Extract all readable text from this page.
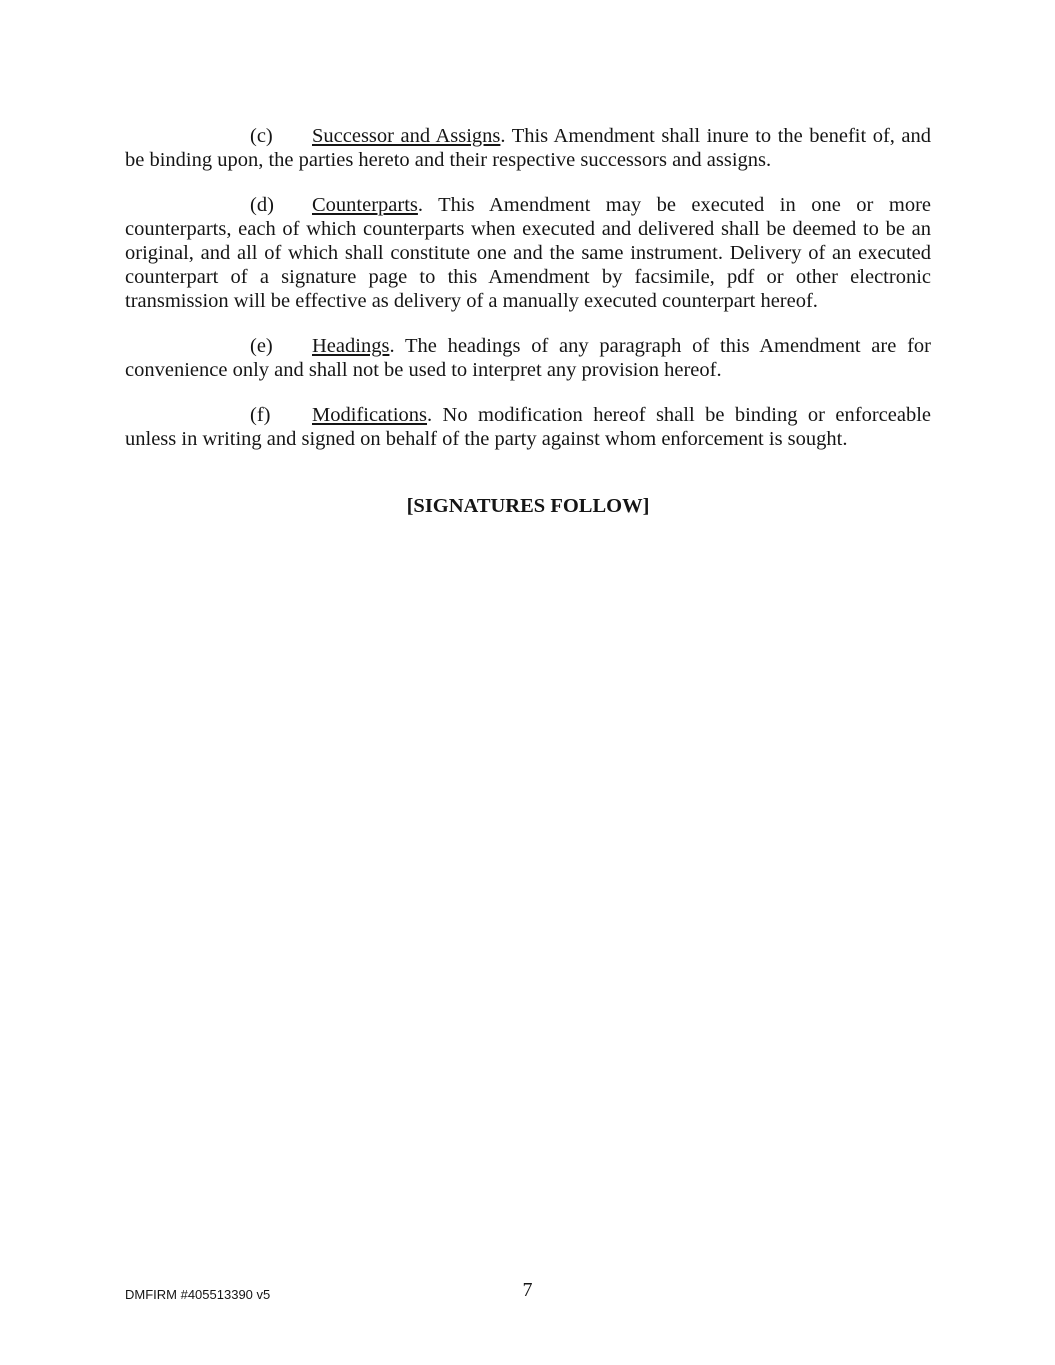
(c) Successor and Assigns. This Amendment shall inure to the benefit of, and be binding upon, the parties hereto and their respective successors and assigns.

(d) Counterparts. This Amendment may be executed in one or more counterparts, each of which counterparts when executed and delivered shall be deemed to be an original, and all of which shall constitute one and the same instrument. Delivery of an executed counterpart of a signature page to this Amendment by facsimile, pdf or other electronic transmission will be effective as delivery of a manually executed counterpart hereof.

(e) Headings. The headings of any paragraph of this Amendment are for convenience only and shall not be used to interpret any provision hereof.

(f) Modifications. No modification hereof shall be binding or enforceable unless in writing and signed on behalf of the party against whom enforcement is sought.

[SIGNATURES FOLLOW]

DMFIRM #405513390 v5	7
